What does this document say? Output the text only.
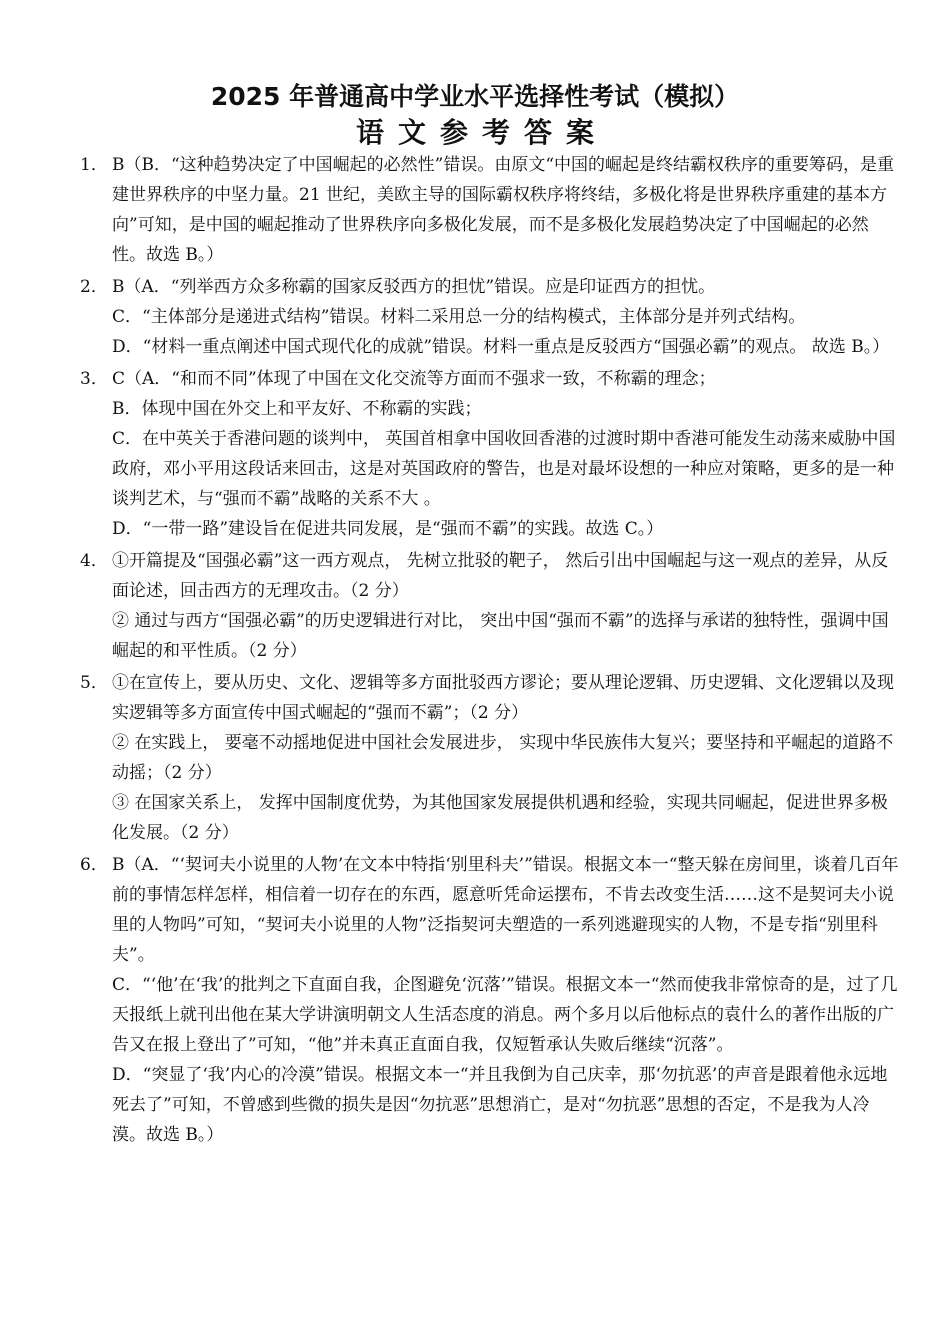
2025 年普通高中学业水平选择性考试（模拟）
语文参考答案
1． B（B．“这种趋势决定了中国崛起的必然性”错误。由原文“中国的崛起是终结霸权秩序的重要筹码，是重建世界秩序的中坚力量。21 世纪，美欧主导的国际霸权秩序将终结，多极化将是世界秩序重建的基本方向”可知，是中国的崛起推动了世界秩序向多极化发展，而不是多极化发展趋势决定了中国崛起的必然性。故选 B。）

2． B（A．“列举西方众多称霸的国家反驳西方的担忧”错误。应是印证西方的担忧。

C．“主体部分是递进式结构”错误。材料二采用总一分的结构模式，主体部分是并列式结构。

D．“材料一重点阐述中国式现代化的成就”错误。材料一重点是反驳西方“国强必霸”的观点。 故选 B。）

3． C（A．“和而不同”体现了中国在文化交流等方面而不强求一致，不称霸的理念；

B．体现中国在外交上和平友好、不称霸的实践；

C．在中英关于香港问题的谈判中， 英国首相拿中国收回香港的过渡时期中香港可能发生动荡来威胁中国政府，邓小平用这段话来回击，这是对英国政府的警告，也是对最坏设想的一种应对策略，更多的是一种谈判艺术，与“强而不霸”战略的关系不大 。

D．“一带一路”建设旨在促进共同发展，是“强而不霸”的实践。故选 C。）

4． ①开篇提及“国强必霸”这一西方观点， 先树立批驳的靶子， 然后引出中国崛起与这一观点的差异，从反面论述，回击西方的无理攻击。（2 分）

② 通过与西方“国强必霸”的历史逻辑进行对比， 突出中国“强而不霸”的选择与承诺的独特性，强调中国崛起的和平性质。（2 分）

5． ①在宣传上，要从历史、文化、逻辑等多方面批驳西方谬论；要从理论逻辑、历史逻辑、文化逻辑以及现实逻辑等多方面宣传中国式崛起的“强而不霸”；（2 分）

② 在实践上， 要毫不动摇地促进中国社会发展进步， 实现中华民族伟大复兴；要坚持和平崛起的道路不动摇；（2 分）

③ 在国家关系上， 发挥中国制度优势，为其他国家发展提供机遇和经验，实现共同崛起，促进世界多极化发展。（2 分）

6． B（A．“‘契诃夫小说里的人物’在文本中特指‘别里科夫’”错误。根据文本一“整天躲在房间里，谈着几百年前的事情怎样怎样，相信着一切存在的东西，愿意听凭命运摆布，不肯去改变生活……这不是契诃夫小说里的人物吗”可知，“契诃夫小说里的人物”泛指契诃夫塑造的一系列逃避现实的人物，不是专指“别里科夫”。

C．“‘他’在‘我’的批判之下直面自我，企图避免‘沉落’”错误。根据文本一“然而使我非常惊奇的是，过了几天报纸上就刊出他在某大学讲演明朝文人生活态度的消息。两个多月以后他标点的袁什么的著作出版的广告又在报上登出了”可知，“他”并未真正直面自我，仅短暂承认失败后继续“沉落”。

D．“突显了‘我’内心的冷漠”错误。根据文本一“并且我倒为自己庆幸，那‘勿抗恶’的声音是跟着他永远地死去了”可知，不曾感到些微的损失是因“勿抗恶”思想消亡，是对“勿抗恶”思想的否定，不是我为人冷漠。故选 B。）
